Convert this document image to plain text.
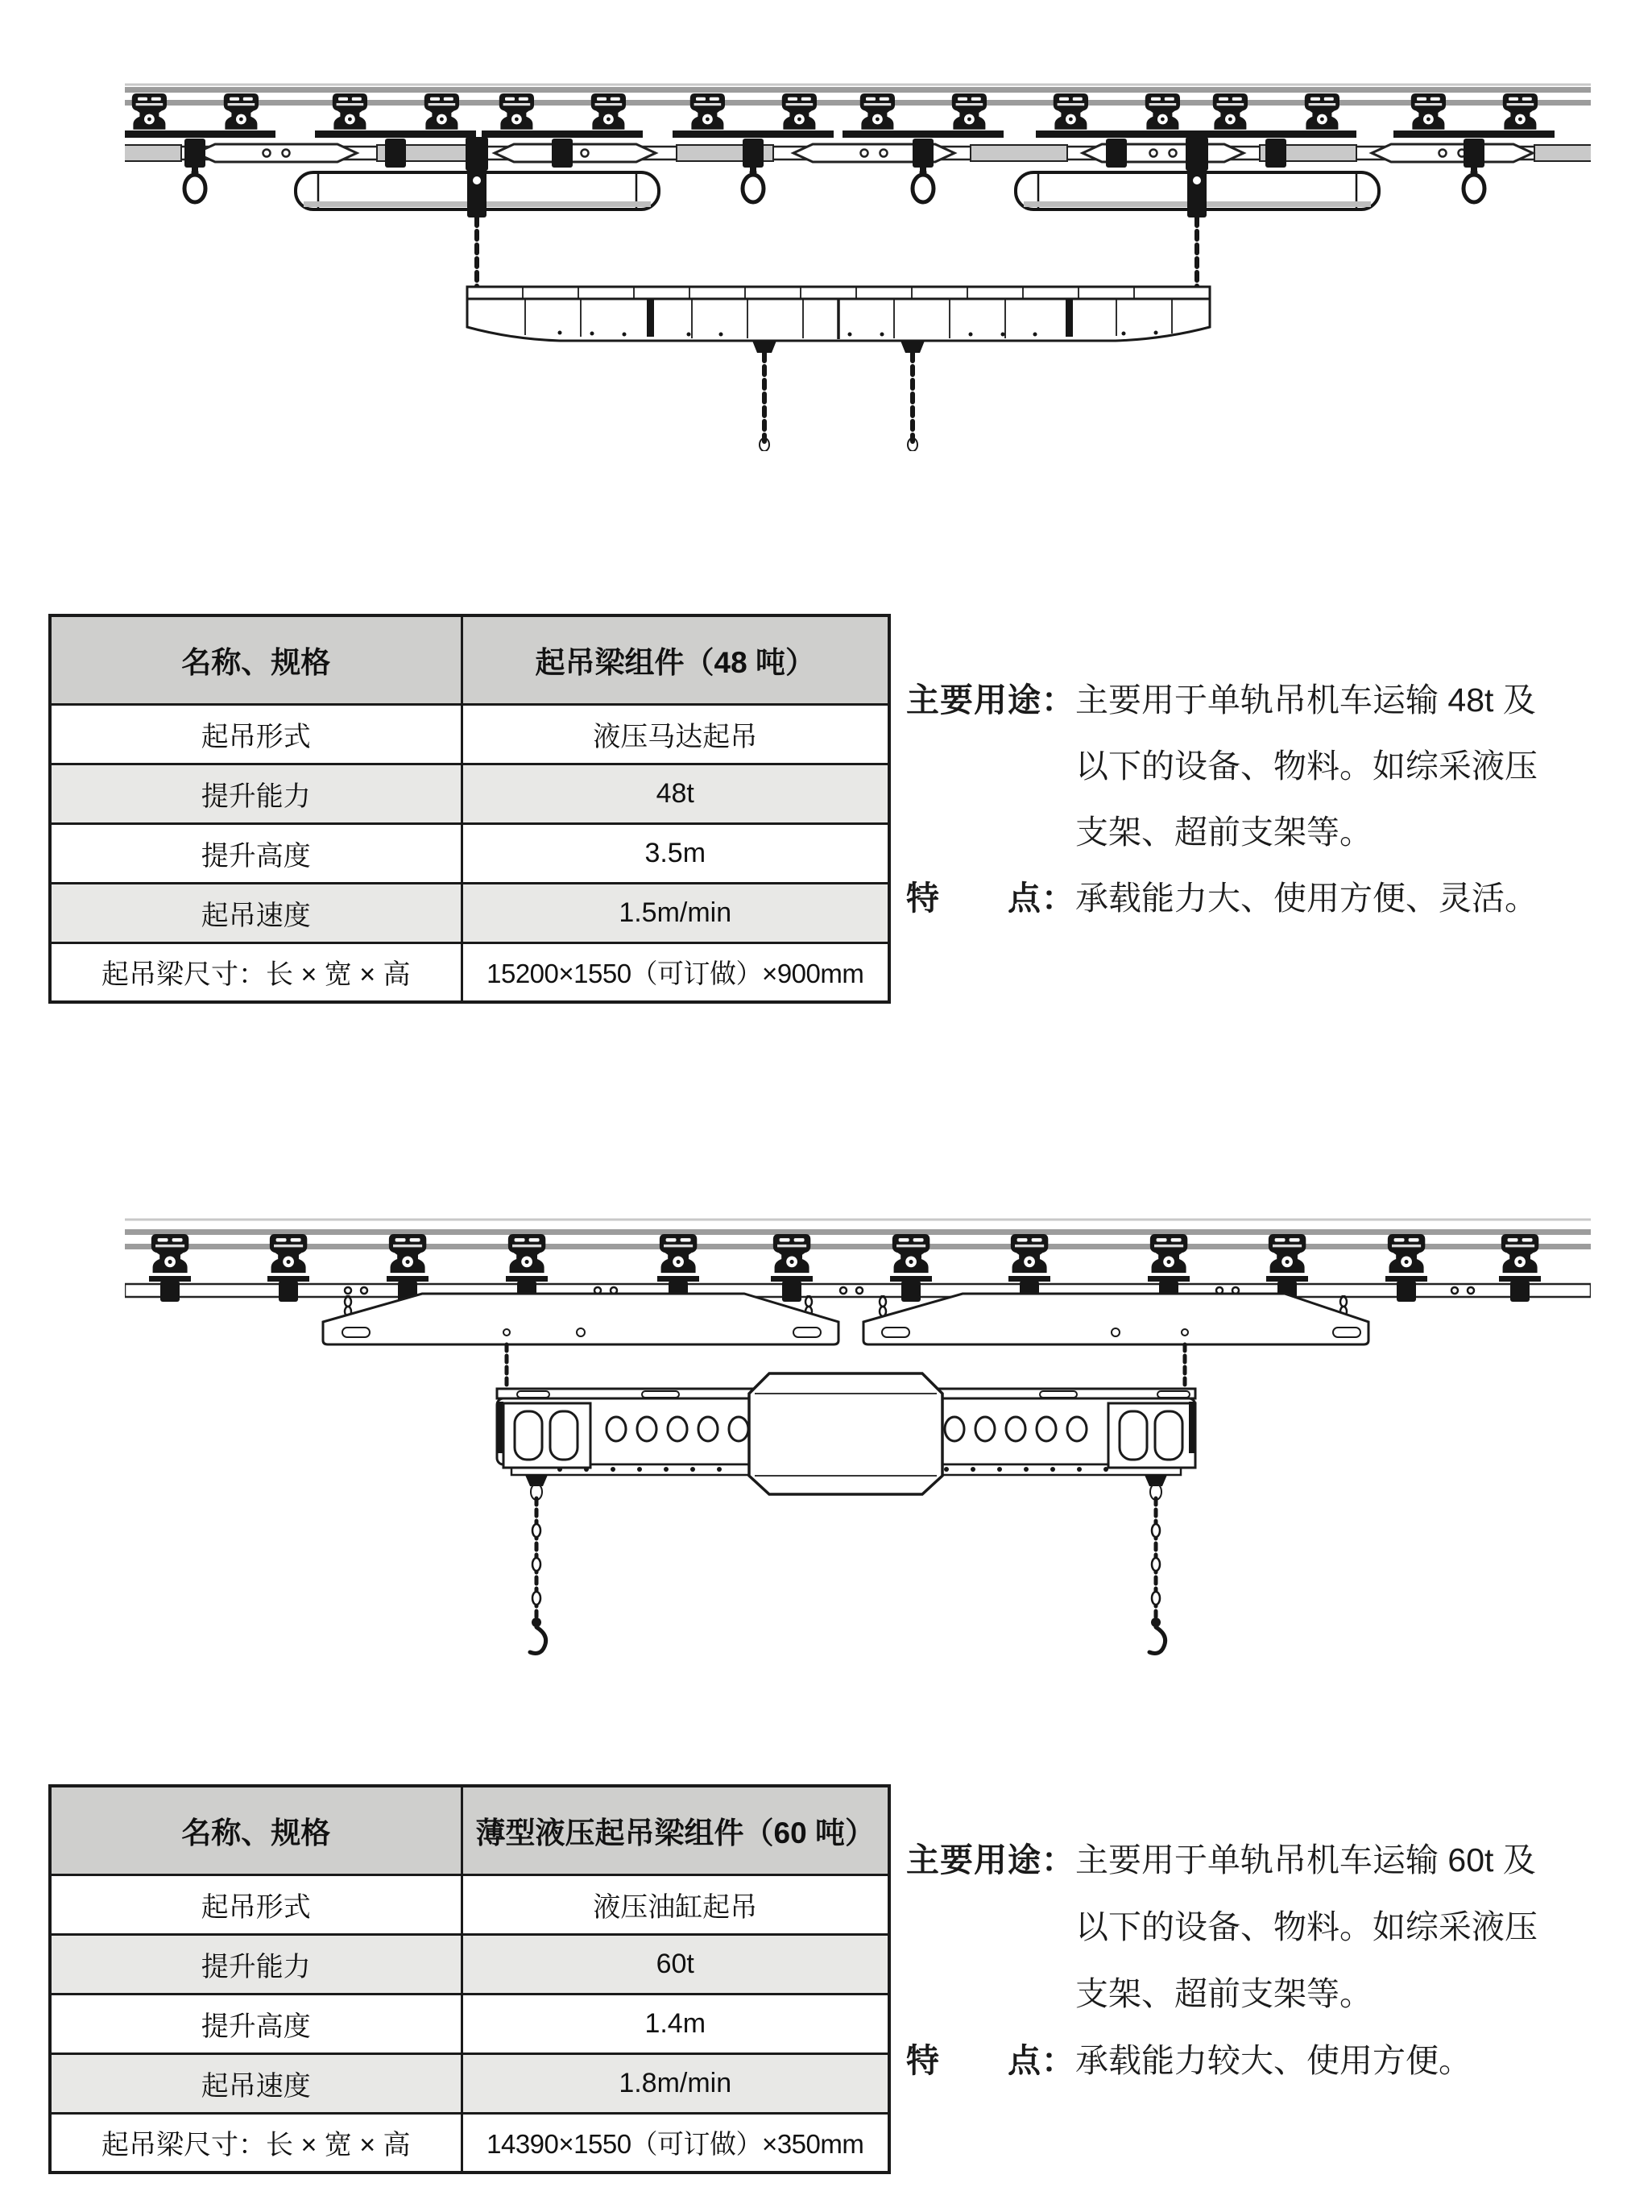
名称、规格	起吊梁组件（48 吨）
起吊形式	液压马达起吊
提升能力	48t
提升高度	3.5m
起吊速度	1.5m/min
起吊梁尺寸：长 × 宽 × 高	15200×1550（可订做）×900mm
主要用途： 主要用于单轨吊机车运输 48t 及
以下的设备、物料。如综采液压
支架、超前支架等。
特　　点： 承载能力大、使用方便、灵活。
名称、规格	薄型液压起吊梁组件（60 吨）
起吊形式	液压油缸起吊
提升能力	60t
提升高度	1.4m
起吊速度	1.8m/min
起吊梁尺寸：长 × 宽 × 高	14390×1550（可订做）×350mm
主要用途： 主要用于单轨吊机车运输 60t 及
以下的设备、物料。如综采液压
支架、超前支架等。
特　　点： 承载能力较大、使用方便。
